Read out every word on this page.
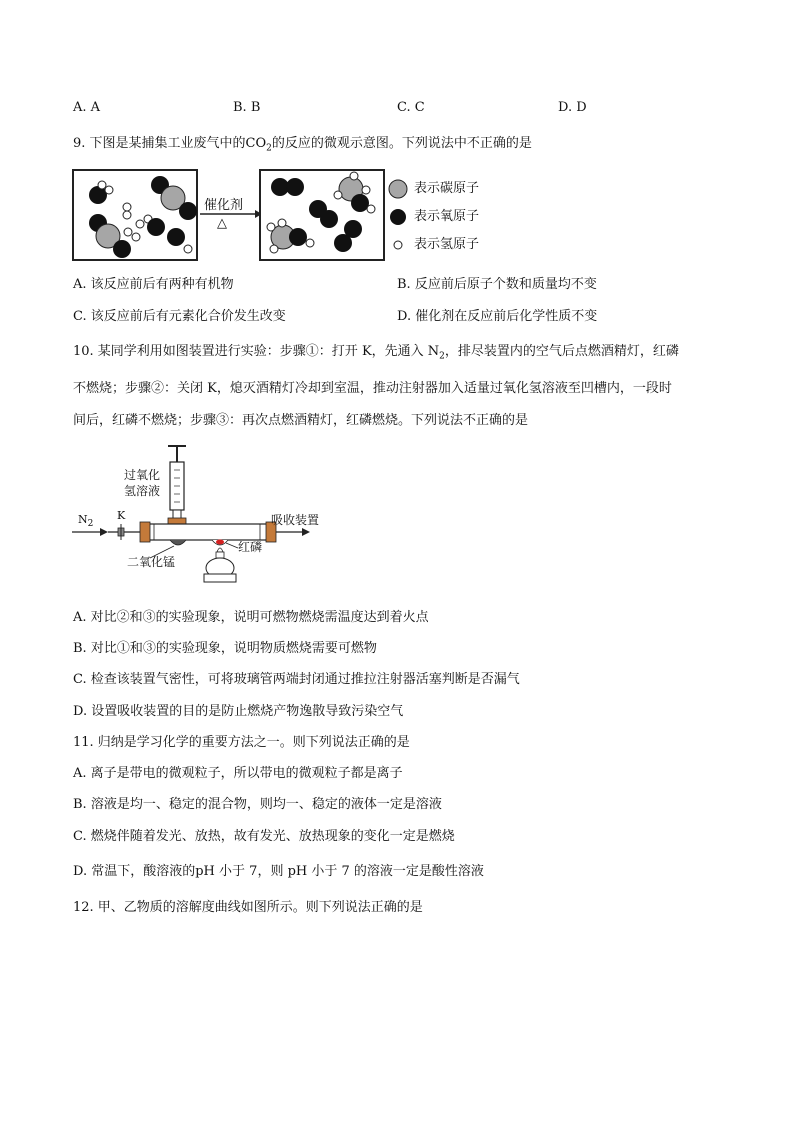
A. A	B. B	C. C	D. D
9. 下图是某捕集工业废气中的$CO_2$的反应的微观示意图。下列说法中不正确的是
催化剂
△
表示碳原子
表示氧原子
表示氢原子
A. 该反应前后有两种有机物	B. 反应前后原子个数和质量均不变
C. 该反应前后有元素化合价发生改变	D. 催化剂在反应前后化学性质不变
10. 某同学利用如图装置进行实验：步骤①：打开 K，先通入 $N_2$，排尽装置内的空气后点燃酒精灯，红磷
不燃烧；步骤②：关闭 K，熄灭酒精灯冷却到室温，推动注射器加入适量过氧化氢溶液至凹槽内，一段时
间后，红磷不燃烧；步骤③：再次点燃酒精灯，红磷燃烧。下列说法不正确的是
过氧化
氢溶液
$N_2$
K	吸收装置
二氧化锰
红磷
A. 对比②和③的实验现象，说明可燃物燃烧需温度达到着火点
B. 对比①和③的实验现象，说明物质燃烧需要可燃物
C. 检查该装置气密性，可将玻璃管两端封闭通过推拉注射器活塞判断是否漏气
D. 设置吸收装置的目的是防止燃烧产物逸散导致污染空气
11. 归纳是学习化学的重要方法之一。则下列说法正确的是
A. 离子是带电的微观粒子，所以带电的微观粒子都是离子
B. 溶液是均一、稳定的混合物，则均一、稳定的液体一定是溶液
C. 燃烧伴随着发光、放热，故有发光、放热现象的变化一定是燃烧
D. 常温下，酸溶液的pH 小于 7，则 pH 小于 7 的溶液一定是酸性溶液
12. 甲、乙物质的溶解度曲线如图所示。则下列说法正确的是
